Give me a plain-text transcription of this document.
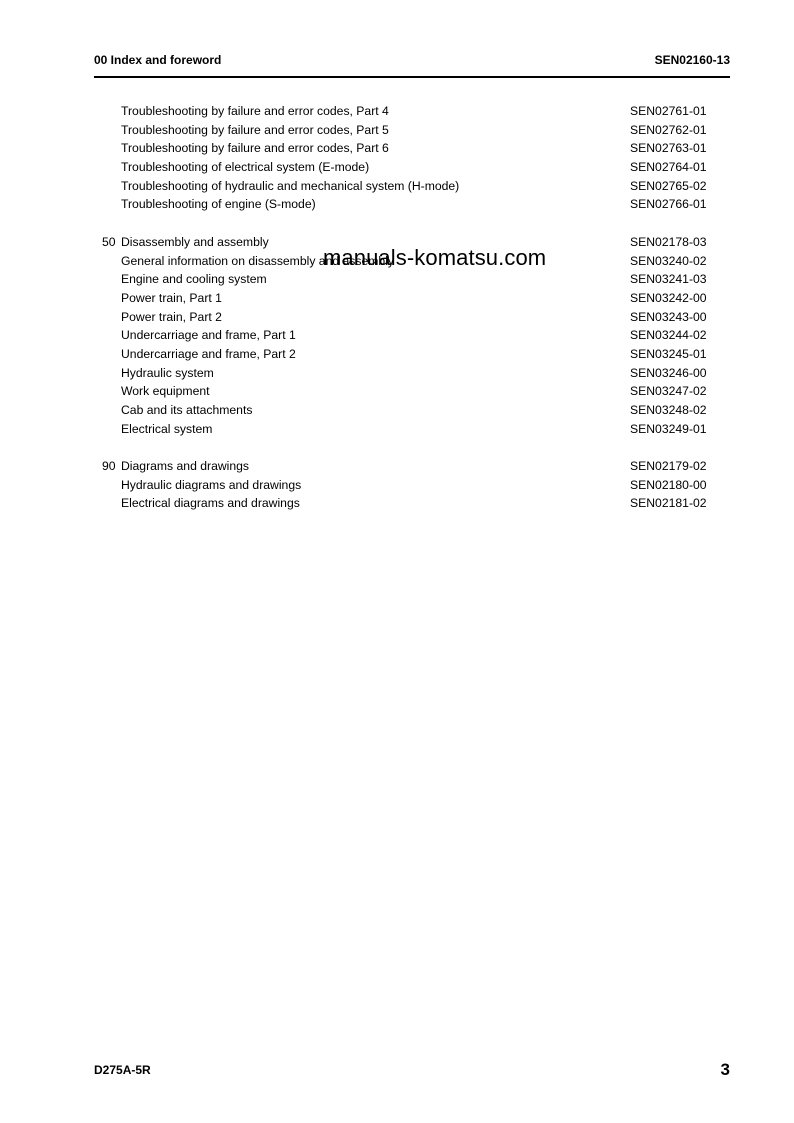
00 Index and foreword	SEN02160-13
Troubleshooting by failure and error codes, Part 4	SEN02761-01
Troubleshooting by failure and error codes, Part 5	SEN02762-01
Troubleshooting by failure and error codes, Part 6	SEN02763-01
Troubleshooting of electrical system (E-mode)	SEN02764-01
Troubleshooting of hydraulic and mechanical system (H-mode)	SEN02765-02
Troubleshooting of engine (S-mode)	SEN02766-01
50 Disassembly and assembly	SEN02178-03
General information on disassembly and assembly	SEN03240-02
Engine and cooling system	SEN03241-03
Power train, Part 1	SEN03242-00
Power train, Part 2	SEN03243-00
Undercarriage and frame, Part 1	SEN03244-02
Undercarriage and frame, Part 2	SEN03245-01
Hydraulic system	SEN03246-00
Work equipment	SEN03247-02
Cab and its attachments	SEN03248-02
Electrical system	SEN03249-01
90 Diagrams and drawings	SEN02179-02
Hydraulic diagrams and drawings	SEN02180-00
Electrical diagrams and drawings	SEN02181-02
manuals-komatsu.com
D275A-5R	3
